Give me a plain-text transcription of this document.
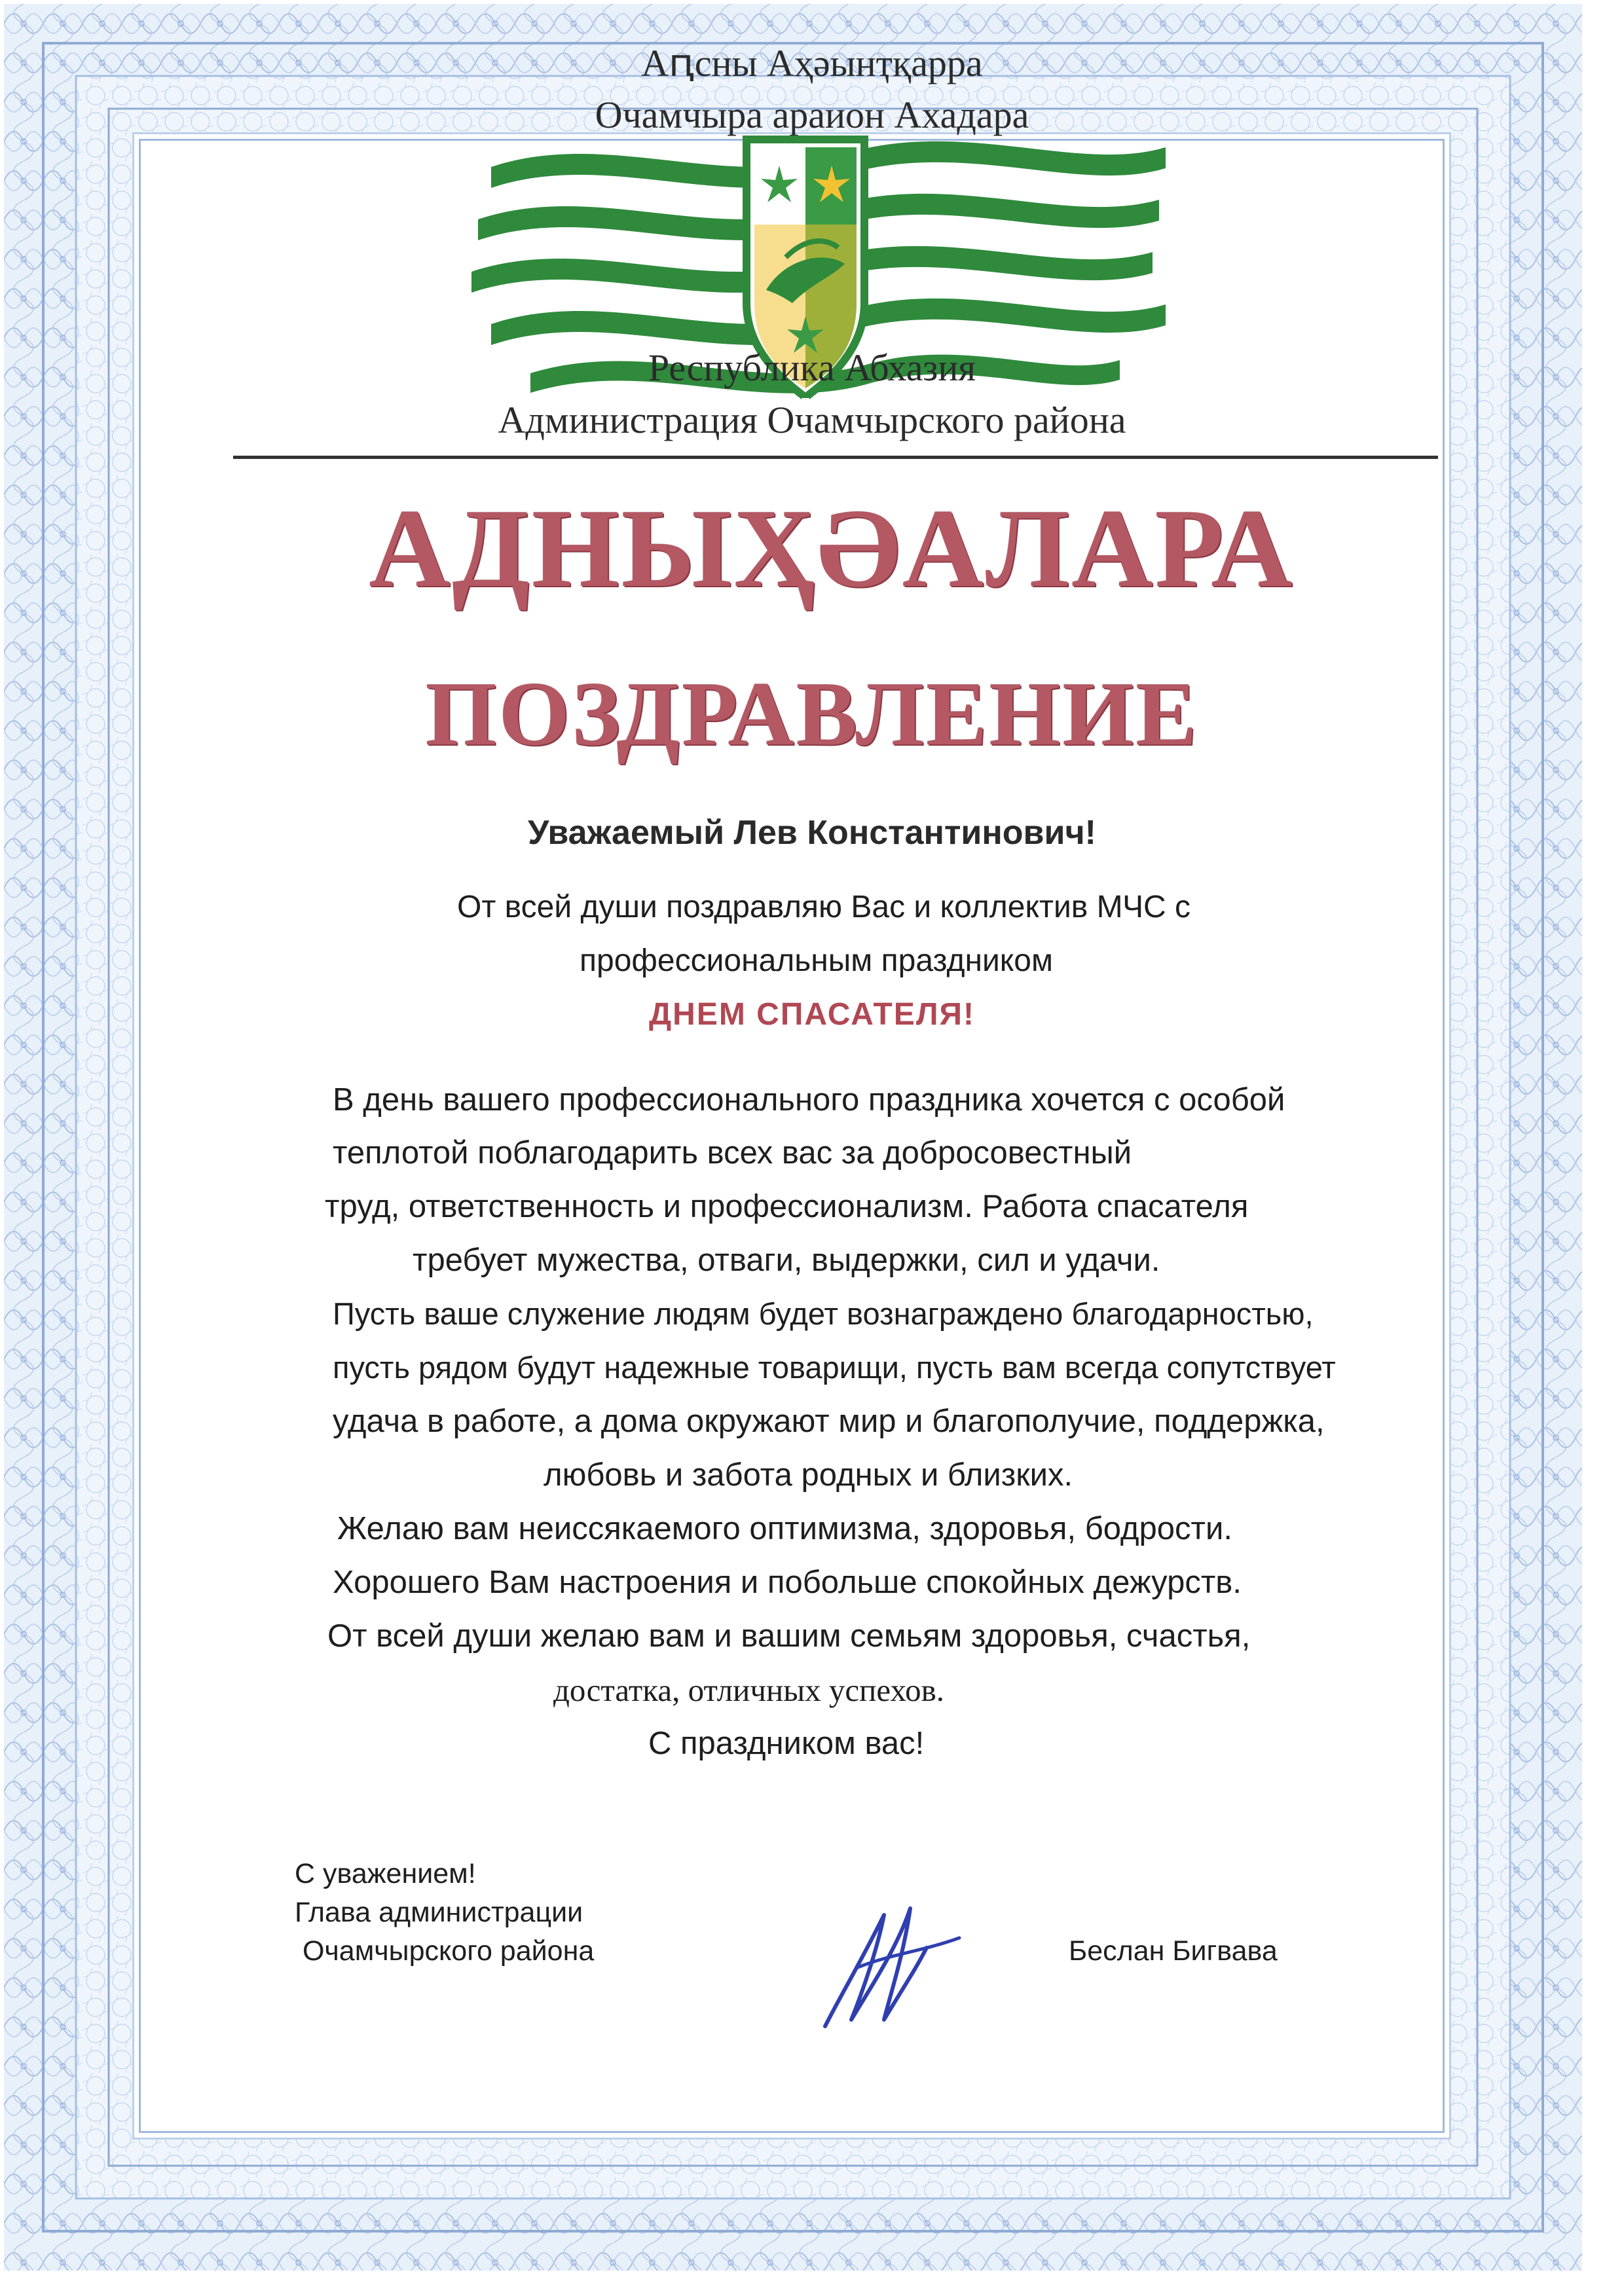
Аԥсны Аҳәынҭқарра
Очамчыра араион Ахадара
Республика Абхазия
Администрация Очамчырского района
АДНЫҲӘАЛАРА
ПОЗДРАВЛЕНИЕ
Уважаемый Лев Константинович!
От всей души поздравляю Вас и коллектив МЧС с
профессиональным праздником
ДНЕМ СПАСАТЕЛЯ!
В день вашего профессионального праздника хочется с особой
теплотой поблагодарить всех вас за добросовестный
труд, ответственность и профессионализм. Работа спасателя
требует мужества, отваги, выдержки, сил и удачи.
Пусть ваше служение людям будет вознаграждено благодарностью,
пусть рядом будут надежные товарищи, пусть вам всегда сопутствует
удача в работе, а дома окружают мир и благополучие, поддержка,
любовь и забота родных и близких.
Желаю вам неиссякаемого оптимизма, здоровья, бодрости.
Хорошего Вам настроения и побольше спокойных дежурств.
От всей души желаю вам и вашим семьям здоровья, счастья,
достатка, отличных успехов.
С праздником вас!
С уважением!
Глава администрации
Очамчырского района	Беслан Бигвава
